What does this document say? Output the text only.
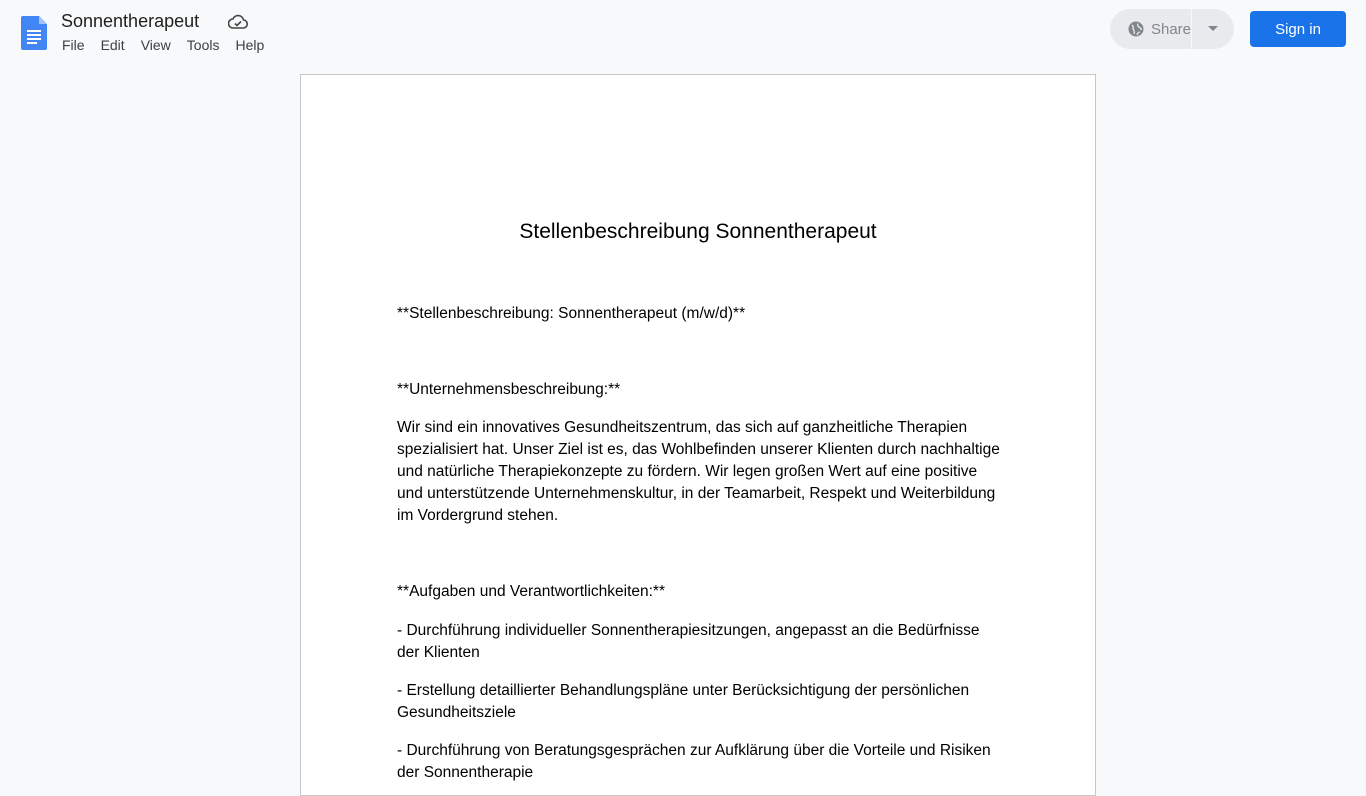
Sonnentherapeut
File Edit View Tools Help
Share	Sign in
Stellenbeschreibung Sonnentherapeut

**Stellenbeschreibung: Sonnentherapeut (m/w/d)**

**Unternehmensbeschreibung:**

Wir sind ein innovatives Gesundheitszentrum, das sich auf ganzheitliche Therapien spezialisiert hat. Unser Ziel ist es, das Wohlbefinden unserer Klienten durch nachhaltige und natürliche Therapiekonzepte zu fördern. Wir legen großen Wert auf eine positive und unterstützende Unternehmenskultur, in der Teamarbeit, Respekt und Weiterbildung im Vordergrund stehen.

**Aufgaben und Verantwortlichkeiten:**

- Durchführung individueller Sonnentherapiesitzungen, angepasst an die Bedürfnisse der Klienten

- Erstellung detaillierter Behandlungspläne unter Berücksichtigung der persönlichen Gesundheitsziele

- Durchführung von Beratungsgesprächen zur Aufklärung über die Vorteile und Risiken der Sonnentherapie
